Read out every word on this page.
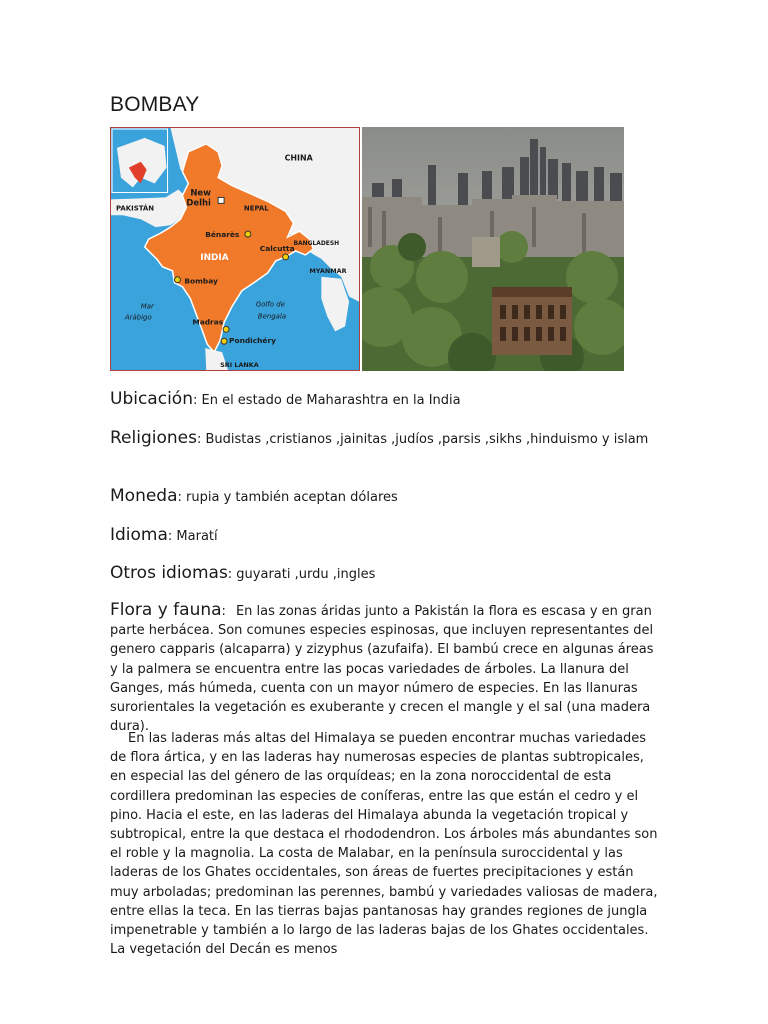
BOMBAY
CHINA
PAKISTÁN
New
Delhi
NEPAL
Bénarès
INDIA
Calcutta
BANGLADESH
MYANMAR
Bombay
Mar
Arábigo
Golfo de
Bengala
Madras
Pondichéry
SRI LANKA
Ubicación: En el estado de Maharashtra en la India
Religiones: Budistas ,cristianos ,jainitas ,judíos ,parsis ,sikhs ,hinduismo y islam
Moneda: rupia y también aceptan dólares
Idioma: Maratí
Otros idiomas: guyarati ,urdu ,ingles

Flora y fauna: En las zonas áridas junto a Pakistán la flora es escasa y en gran parte herbácea. Son comunes especies espinosas, que incluyen representantes del genero capparis (alcaparra) y zizyphus (azufaifa). El bambú crece en algunas áreas y la palmera se encuentra entre las pocas variedades de árboles. La llanura del Ganges, más húmeda, cuenta con un mayor número de especies. En las llanuras surorientales la vegetación es exuberante y crecen el mangle y el sal (una madera dura).

En las laderas más altas del Himalaya se pueden encontrar muchas variedades de flora ártica, y en las laderas hay numerosas especies de plantas subtropicales, en especial las del género de las orquídeas; en la zona noroccidental de esta cordillera predominan las especies de coníferas, entre las que están el cedro y el pino. Hacia el este, en las laderas del Himalaya abunda la vegetación tropical y subtropical, entre la que destaca el rhododendron. Los árboles más abundantes son el roble y la magnolia. La costa de Malabar, en la península suroccidental y las laderas de los Ghates occidentales, son áreas de fuertes precipitaciones y están muy arboladas; predominan las perennes, bambú y variedades valiosas de madera, entre ellas la teca. En las tierras bajas pantanosas hay grandes regiones de jungla impenetrable y también a lo largo de las laderas bajas de los Ghates occidentales. La vegetación del Decán es menos
